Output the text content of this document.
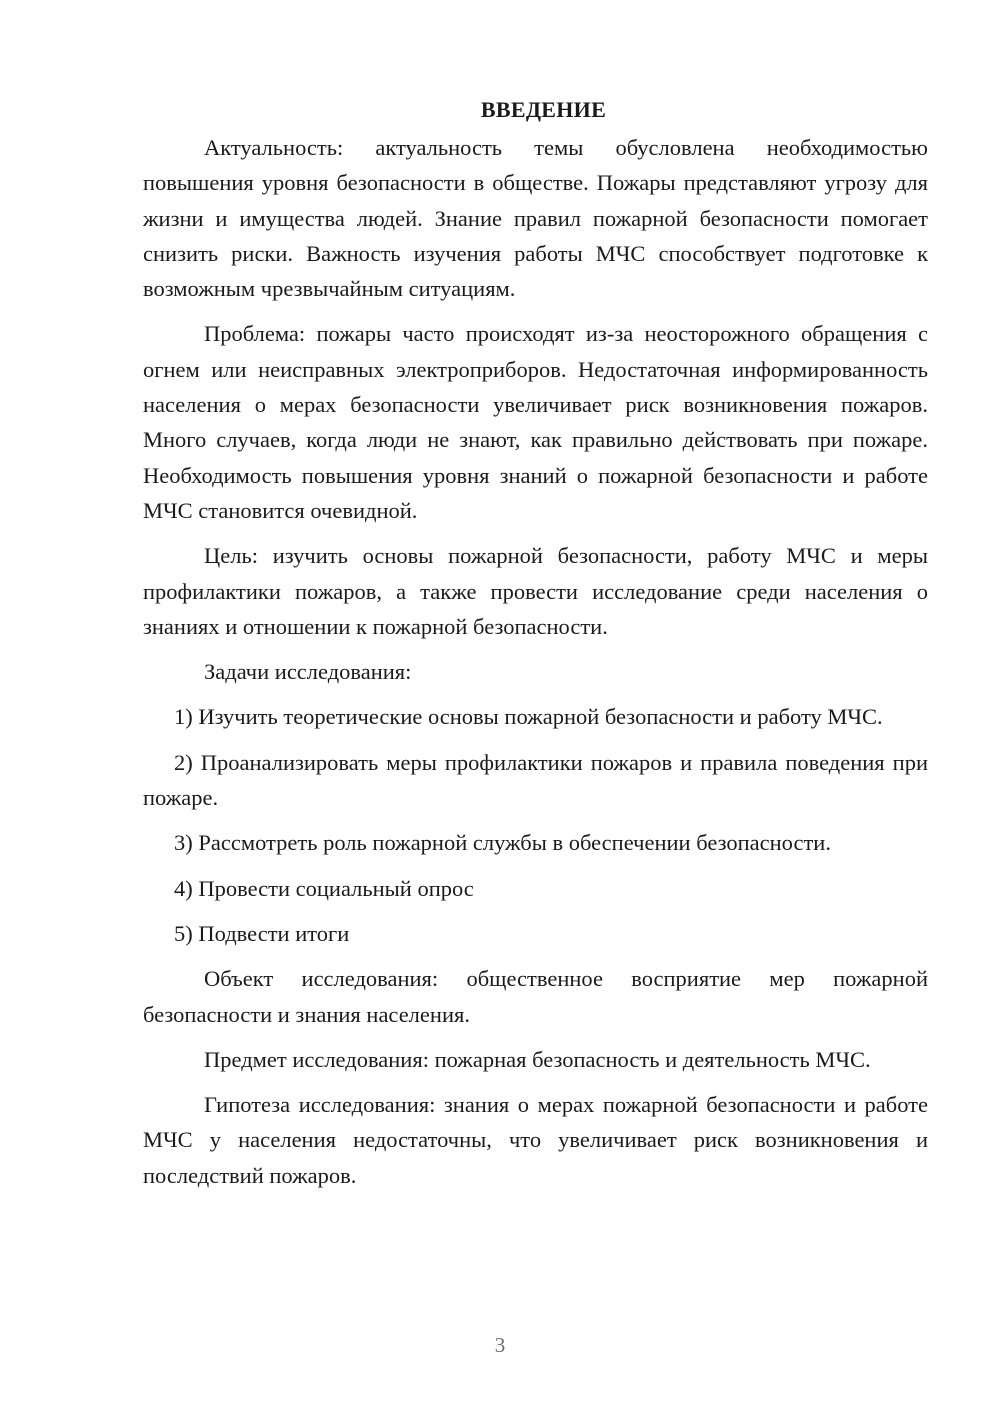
ВВЕДЕНИЕ

Актуальность: актуальность темы обусловлена необходимостью повышения уровня безопасности в обществе. Пожары представляют угрозу для жизни и имущества людей. Знание правил пожарной безопасности помогает снизить риски. Важность изучения работы МЧС способствует подготовке к возможным чрезвычайным ситуациям.

Проблема: пожары часто происходят из-за неосторожного обращения с огнем или неисправных электроприборов. Недостаточная информированность населения о мерах безопасности увеличивает риск возникновения пожаров. Много случаев, когда люди не знают, как правильно действовать при пожаре. Необходимость повышения уровня знаний о пожарной безопасности и работе МЧС становится очевидной.

Цель: изучить основы пожарной безопасности, работу МЧС и меры профилактики пожаров, а также провести исследование среди населения о знаниях и отношении к пожарной безопасности.

Задачи исследования:

1) Изучить теоретические основы пожарной безопасности и работу МЧС.

2) Проанализировать меры профилактики пожаров и правила поведения при пожаре.

3) Рассмотреть роль пожарной службы в обеспечении безопасности.

4) Провести социальный опрос

5) Подвести итоги

Объект исследования: общественное восприятие мер пожарной безопасности и знания населения.

Предмет исследования: пожарная безопасность и деятельность МЧС.

Гипотеза исследования: знания о мерах пожарной безопасности и работе МЧС у населения недостаточны, что увеличивает риск возникновения и последствий пожаров.

3
